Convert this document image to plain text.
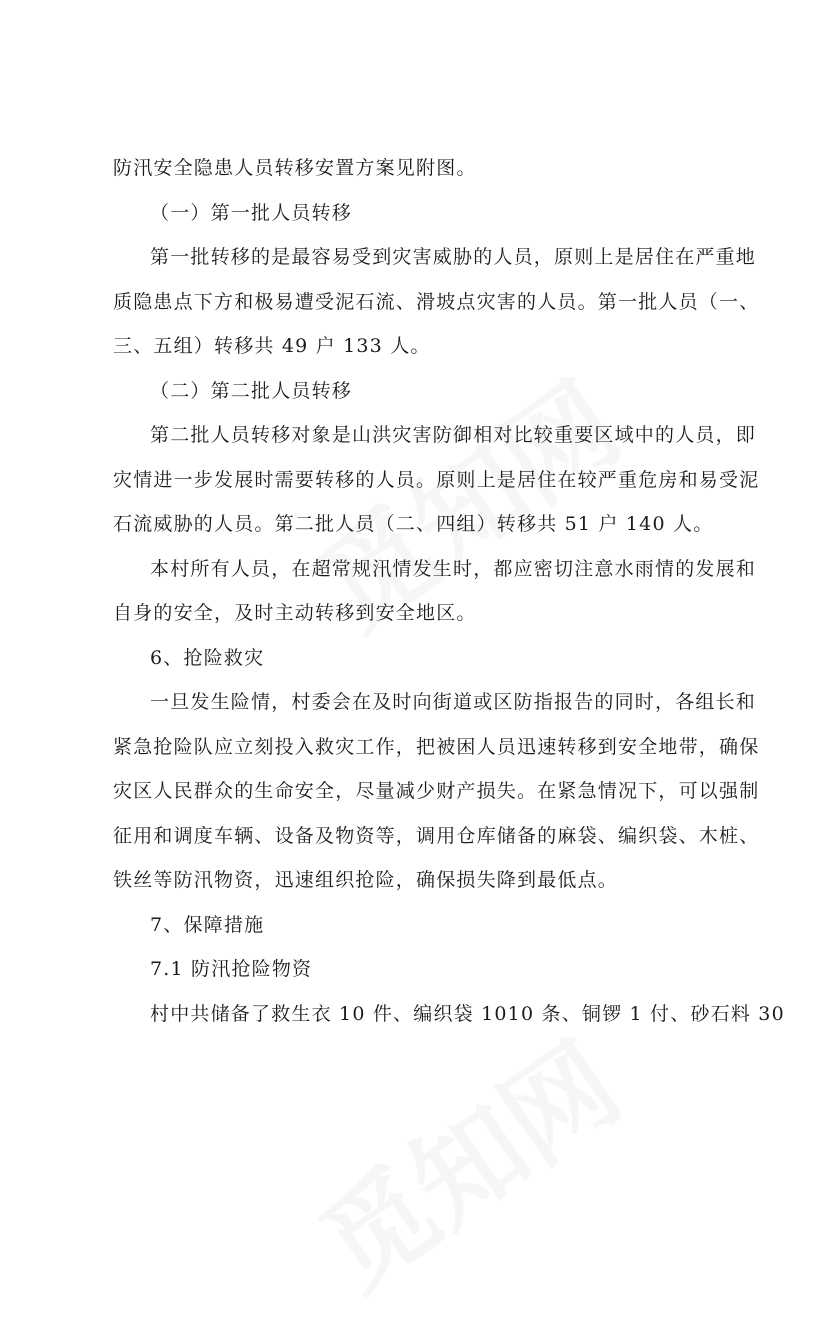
防汛安全隐患人员转移安置方案见附图。
（一）第一批人员转移
第一批转移的是最容易受到灾害威胁的人员，原则上是居住在严重地
质隐患点下方和极易遭受泥石流、滑坡点灾害的人员。第一批人员（一、
三、五组）转移共 49 户 133 人。
（二）第二批人员转移
第二批人员转移对象是山洪灾害防御相对比较重要区域中的人员，即
灾情进一步发展时需要转移的人员。原则上是居住在较严重危房和易受泥
石流威胁的人员。第二批人员（二、四组）转移共 51 户 140 人。
本村所有人员，在超常规汛情发生时，都应密切注意水雨情的发展和
自身的安全，及时主动转移到安全地区。
6、抢险救灾
一旦发生险情，村委会在及时向街道或区防指报告的同时，各组长和
紧急抢险队应立刻投入救灾工作，把被困人员迅速转移到安全地带，确保
灾区人民群众的生命安全，尽量减少财产损失。在紧急情况下，可以强制
征用和调度车辆、设备及物资等，调用仓库储备的麻袋、编织袋、木桩、
铁丝等防汛物资，迅速组织抢险，确保损失降到最低点。
7、保障措施
7.1 防汛抢险物资
村中共储备了救生衣 10 件、编织袋 1010 条、铜锣 1 付、砂石料 30
